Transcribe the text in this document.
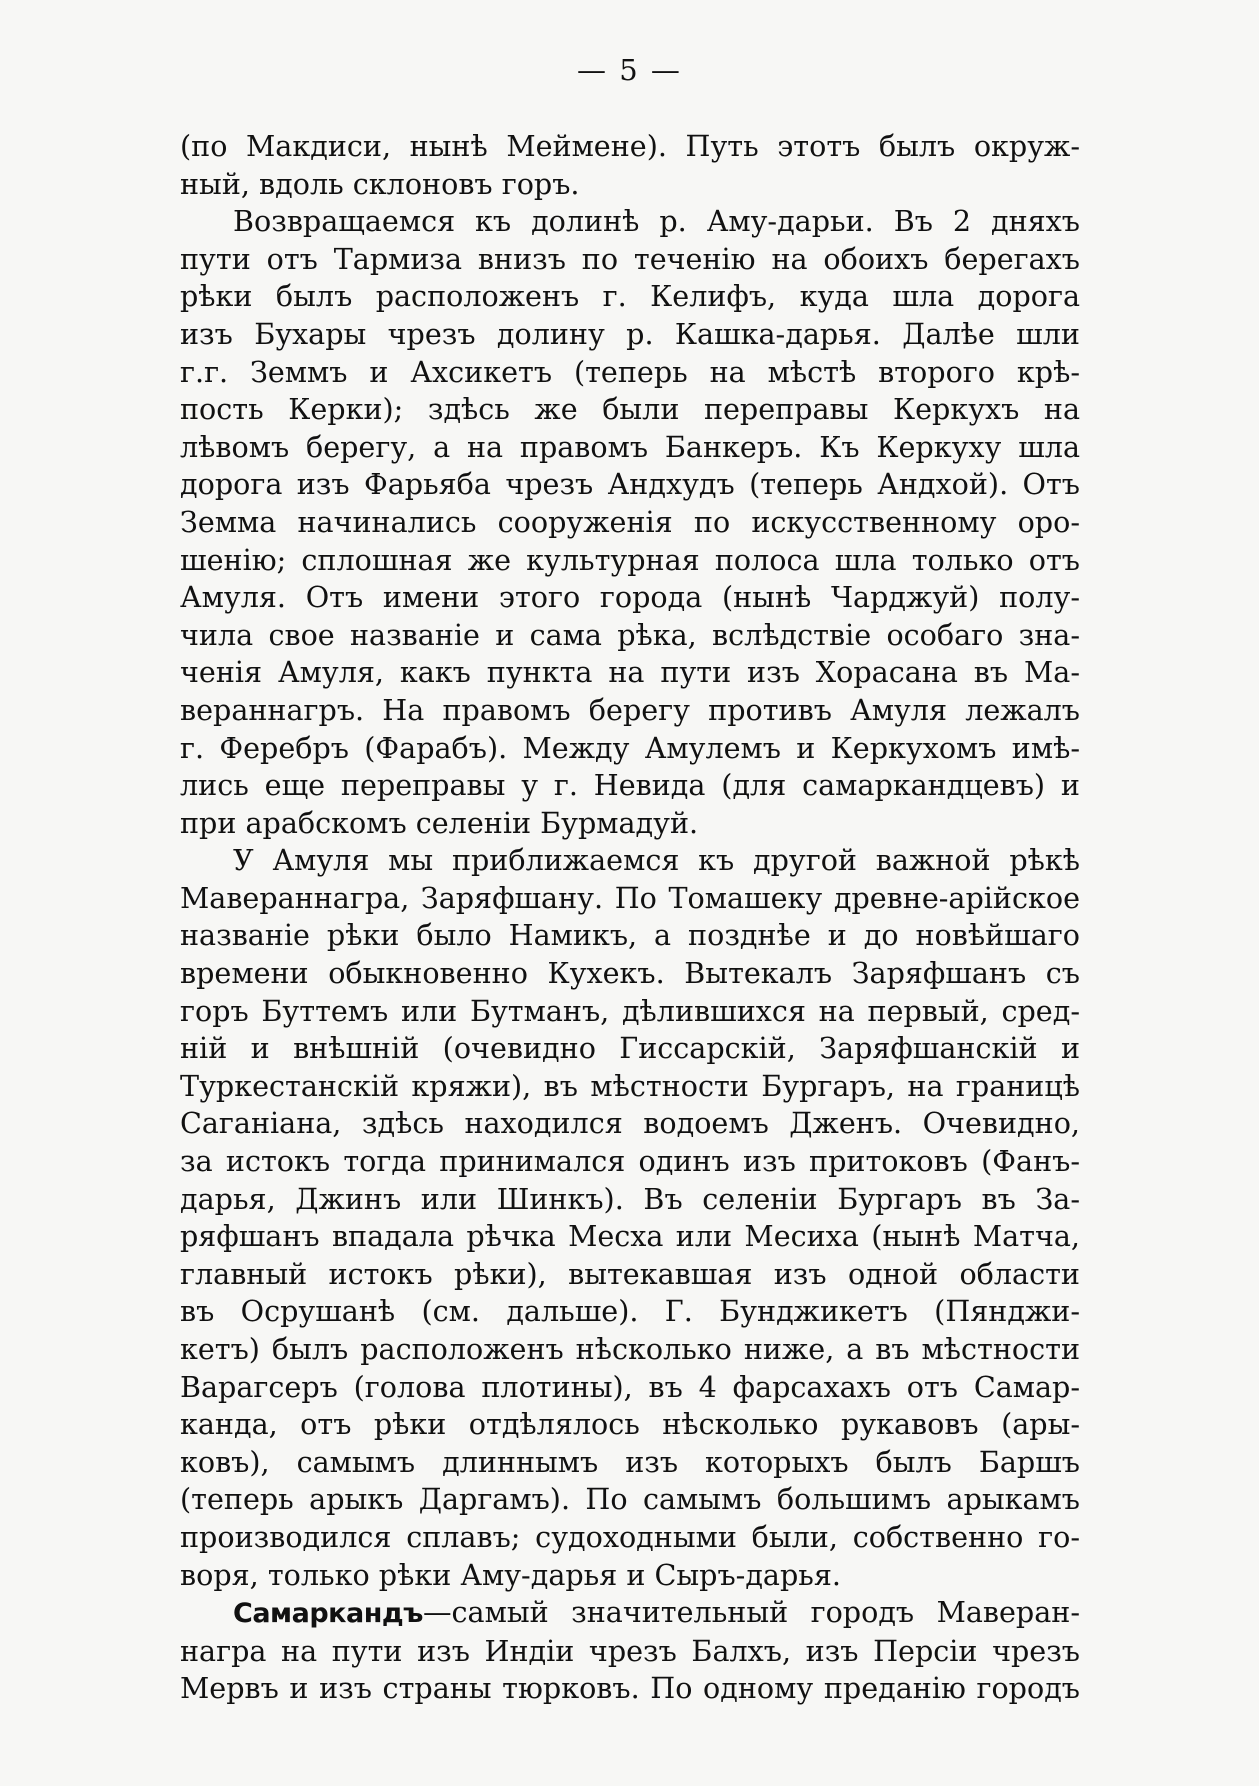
— 5 —

(по Макдиси, нынѣ Меймене). Путь этотъ былъ окруж-
ный, вдоль склоновъ горъ.

Возвращаемся къ долинѣ р. Аму-дарьи. Въ 2 дняхъ
пути отъ Тармиза внизъ по теченію на обоихъ берегахъ
рѣки былъ расположенъ г. Келифъ, куда шла дорога
изъ Бухары чрезъ долину р. Кашка-дарья. Далѣе шли
г.г. Земмъ и Ахсикетъ (теперь на мѣстѣ второго крѣ-
пость Керки); здѣсь же были переправы Керкухъ на
лѣвомъ берегу, а на правомъ Банкеръ. Къ Керкуху шла
дорога изъ Фарьяба чрезъ Андхудъ (теперь Андхой). Отъ
Земма начинались сооруженія по искусственному оро-
шенію; сплошная же культурная полоса шла только отъ
Амуля. Отъ имени этого города (нынѣ Чарджуй) полу-
чила свое названіе и сама рѣка, вслѣдствіе особаго зна-
ченія Амуля, какъ пункта на пути изъ Хорасана въ Ма-
вераннагръ. На правомъ берегу противъ Амуля лежалъ
г. Феребръ (Фарабъ). Между Амулемъ и Керкухомъ имѣ-
лись еще переправы у г. Невида (для самаркандцевъ) и
при арабскомъ селеніи Бурмадуй.

У Амуля мы приближаемся къ другой важной рѣкѣ
Мавераннагра, Заряфшану. По Томашеку древне-арійское
названіе рѣки было Намикъ, а позднѣе и до новѣйшаго
времени обыкновенно Кухекъ. Вытекалъ Заряфшанъ съ
горъ Буттемъ или Бутманъ, дѣлившихся на первый, сред-
ній и внѣшній (очевидно Гиссарскій, Заряфшанскій и
Туркестанскій кряжи), въ мѣстности Бургаръ, на границѣ
Саганіана, здѣсь находился водоемъ Дженъ. Очевидно,
за истокъ тогда принимался одинъ изъ притоковъ (Фанъ-
дарья, Джинъ или Шинкъ). Въ селеніи Бургаръ въ За-
ряфшанъ впадала рѣчка Месха или Месиха (нынѣ Матча,
главный истокъ рѣки), вытекавшая изъ одной области
въ Осрушанѣ (см. дальше). Г. Бунджикетъ (Пянджи-
кетъ) былъ расположенъ нѣсколько ниже, а въ мѣстности
Варагсеръ (голова плотины), въ 4 фарсахахъ отъ Самар-
канда, отъ рѣки отдѣлялось нѣсколько рукавовъ (ары-
ковъ), самымъ длиннымъ изъ которыхъ былъ Баршъ
(теперь арыкъ Даргамъ). По самымъ большимъ арыкамъ
производился сплавъ; судоходными были, собственно го-
воря, только рѣки Аму-дарья и Сыръ-дарья.

Самаркандъ—самый значительный городъ Мaверан-
награ на пути изъ Индіи чрезъ Балхъ, изъ Персіи чрезъ
Мервъ и изъ страны тюрковъ. По одному преданію городъ
